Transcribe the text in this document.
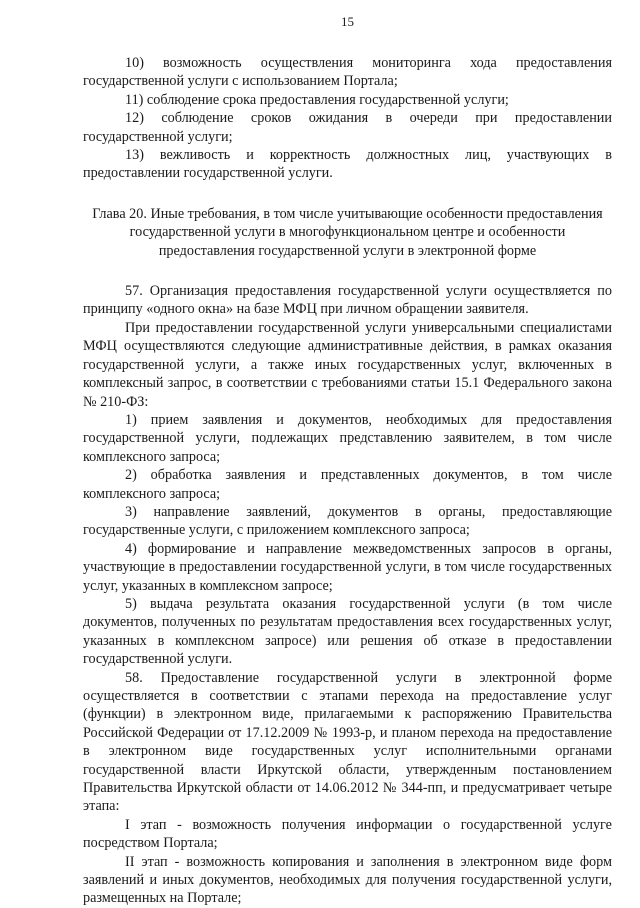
15

10) возможность осуществления мониторинга хода предоставления государственной услуги с использованием Портала;

11) соблюдение срока предоставления государственной услуги;

12) соблюдение сроков ожидания в очереди при предоставлении государственной услуги;

13) вежливость и корректность должностных лиц, участвующих в предоставлении государственной услуги.

Глава 20. Иные требования, в том числе учитывающие особенности предоставления государственной услуги в многофункциональном центре и особенности предоставления государственной услуги в электронной форме

57. Организация предоставления государственной услуги осуществляется по принципу «одного окна» на базе МФЦ при личном обращении заявителя.

При предоставлении государственной услуги универсальными специалистами МФЦ осуществляются следующие административные действия, в рамках оказания государственной услуги, а также иных государственных услуг, включенных в комплексный запрос, в соответствии с требованиями статьи 15.1 Федерального закона № 210-ФЗ:

1) прием заявления и документов, необходимых для предоставления государственной услуги, подлежащих представлению заявителем, в том числе комплексного запроса;

2) обработка заявления и представленных документов, в том числе комплексного запроса;

3) направление заявлений, документов в органы, предоставляющие государственные услуги, с приложением комплексного запроса;

4) формирование и направление межведомственных запросов в органы, участвующие в предоставлении государственной услуги, в том числе государственных услуг, указанных в комплексном запросе;

5) выдача результата оказания государственной услуги (в том числе документов, полученных по результатам предоставления всех государственных услуг, указанных в комплексном запросе) или решения об отказе в предоставлении государственной услуги.

58. Предоставление государственной услуги в электронной форме осуществляется в соответствии с этапами перехода на предоставление услуг (функции) в электронном виде, прилагаемыми к распоряжению Правительства Российской Федерации от 17.12.2009 № 1993-р, и планом перехода на предоставление в электронном виде государственных услуг исполнительными органами государственной власти Иркутской области, утвержденным постановлением Правительства Иркутской области от 14.06.2012 № 344-пп, и предусматривает четыре этапа:

I этап - возможность получения информации о государственной услуге посредством Портала;

II этап - возможность копирования и заполнения в электронном виде форм заявлений и иных документов, необходимых для получения государственной услуги, размещенных на Портале;
